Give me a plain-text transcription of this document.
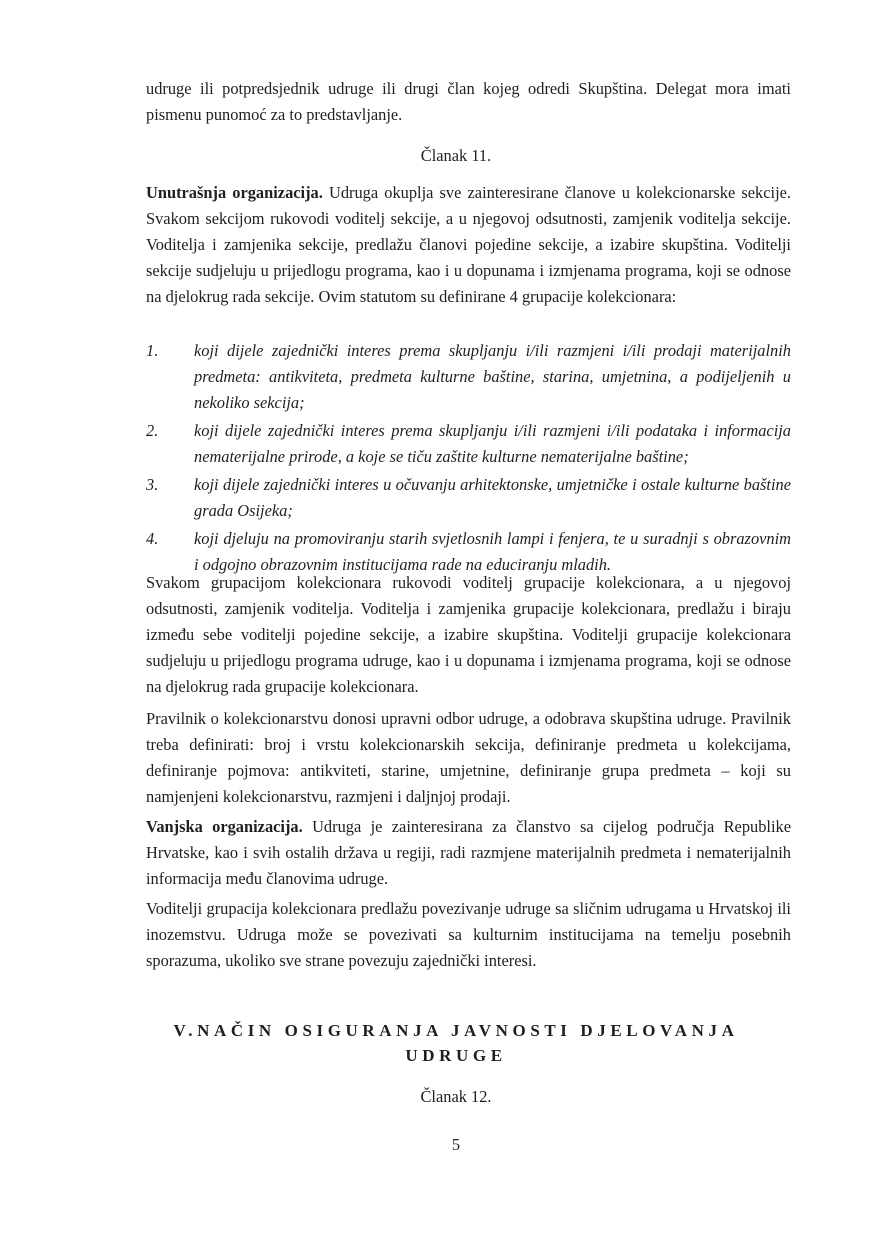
udruge ili potpredsjednik udruge ili drugi član kojeg odredi Skupština. Delegat mora imati pismenu punomoć za to predstavljanje.

Članak 11.

Unutrašnja organizacija. Udruga okuplja sve zainteresirane članove u kolekcionarske sekcije. Svakom sekcijom rukovodi voditelj sekcije, a u njegovoj odsutnosti, zamjenik voditelja sekcije. Voditelja i zamjenika sekcije, predlažu članovi pojedine sekcije, a izabire skupština. Voditelji sekcije sudjeluju u prijedlogu programa, kao i u dopunama i izmjenama programa, koji se odnose na djelokrug rada sekcije. Ovim statutom su definirane 4 grupacije kolekcionara:

1. koji dijele zajednički interes prema skupljanju i/ili razmjeni i/ili prodaji materijalnih predmeta: antikviteta, predmeta kulturne baštine, starina, umjetnina, a podijeljenih u nekoliko sekcija;
2. koji dijele zajednički interes prema skupljanju i/ili razmjeni i/ili podataka i informacija nematerijalne prirode, a koje se tiču zaštite kulturne nematerijalne baštine;
3. koji dijele zajednički interes u očuvanju arhitektonske, umjetničke i ostale kulturne baštine grada Osijeka;
4. koji djeluju na promoviranju starih svjetlosnih lampi i fenjera, te u suradnji s obrazovnim i odgojno obrazovnim institucijama rade na educiranju mladih.

Svakom grupacijom kolekcionara rukovodi voditelj grupacije kolekcionara, a u njegovoj odsutnosti, zamjenik voditelja. Voditelja i zamjenika grupacije kolekcionara, predlažu i biraju između sebe voditelji pojedine sekcije, a izabire skupština. Voditelji grupacije kolekcionara sudjeluju u prijedlogu programa udruge, kao i u dopunama i izmjenama programa, koji se odnose na djelokrug rada grupacije kolekcionara.

Pravilnik o kolekcionarstvu donosi upravni odbor udruge, a odobrava skupština udruge. Pravilnik treba definirati: broj i vrstu kolekcionarskih sekcija, definiranje predmeta u kolekcijama, definiranje pojmova: antikviteti, starine, umjetnine, definiranje grupa predmeta – koji su namjenjeni kolekcionarstvu, razmjeni i daljnjoj prodaji.

Vanjska organizacija. Udruga je zainteresirana za članstvo sa cijelog područja Republike Hrvatske, kao i svih ostalih država u regiji, radi razmjene materijalnih predmeta i nematerijalnih informacija među članovima udruge.

Voditelji grupacija kolekcionara predlažu povezivanje udruge sa sličnim udrugama u Hrvatskoj ili inozemstvu. Udruga može se povezivati sa kulturnim institucijama na temelju posebnih sporazuma, ukoliko sve strane povezuju zajednički interesi.

V.NAČIN OSIGURANJA JAVNOSTI DJELOVANJA

UDRUGE

Članak 12.

5
